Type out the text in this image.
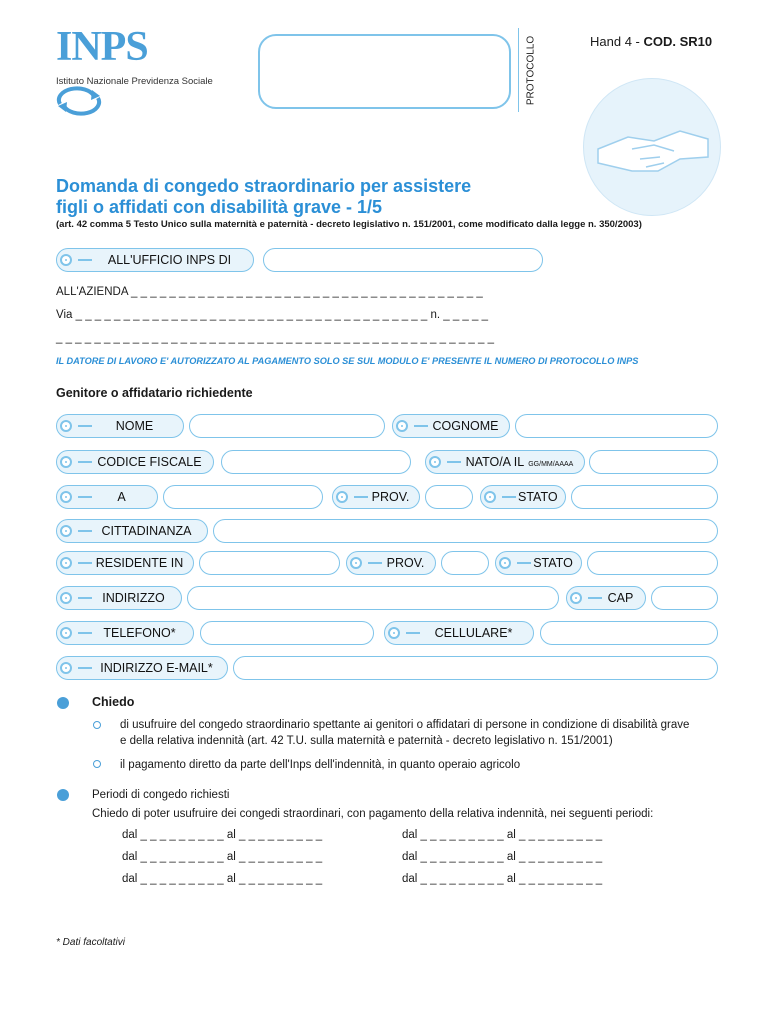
INPS
Istituto Nazionale Previdenza Sociale	PROTOCOLLO	Hand 4 - COD. SR10
Domanda di congedo straordinario per assistere
figli o affidati con disabilità grave - 1/5
(art. 42 comma 5 Testo Unico sulla maternità e paternità - decreto legislativo n. 151/2001, come modificato dalla legge n. 350/2003)
ALL'UFFICIO INPS DI
ALL'AZIENDA _ _ _ _ _ _ _ _ _ _ _ _ _ _ _ _ _ _ _ _ _ _ _ _ _ _ _ _ _ _ _ _ _ _ _ _ _
Via _ _ _ _ _ _ _ _ _ _ _ _ _ _ _ _ _ _ _ _ _ _ _ _ _ _ _ _ _ _ _ _ _ _ _ _ _ n. _ _ _ _ _
_ _ _ _ _ _ _ _ _ _ _ _ _ _ _ _ _ _ _ _ _ _ _ _ _ _ _ _ _ _ _ _ _ _ _ _ _ _ _ _ _ _ _ _ _ _
IL DATORE DI LAVORO E' AUTORIZZATO AL PAGAMENTO SOLO SE SUL MODULO E' PRESENTE IL NUMERO DI PROTOCOLLO INPS
Genitore o affidatario richiedente
NOME	COGNOME
CODICE FISCALE	NATO/A IL GG/MM/AAAA
A	PROV.	STATO
CITTADINANZA
RESIDENTE IN	PROV.	STATO
INDIRIZZO	CAP
TELEFONO*	CELLULARE*
INDIRIZZO E-MAIL*
Chiedo
di usufruire del congedo straordinario spettante ai genitori o affidatari di persone in condizione di disabilità grave
e della relativa indennità (art. 42 T.U. sulla maternità e paternità - decreto legislativo n. 151/2001)
il pagamento diretto da parte dell'Inps dell'indennità, in quanto operaio agricolo
Periodi di congedo richiesti
Chiedo di poter usufruire dei congedi straordinari, con pagamento della relativa indennità, nei seguenti periodi:
dal _ _ _ _ _ _ _ _ _ al _ _ _ _ _ _ _ _ _	dal _ _ _ _ _ _ _ _ _ al _ _ _ _ _ _ _ _ _
dal _ _ _ _ _ _ _ _ _ al _ _ _ _ _ _ _ _ _	dal _ _ _ _ _ _ _ _ _ al _ _ _ _ _ _ _ _ _
dal _ _ _ _ _ _ _ _ _ al _ _ _ _ _ _ _ _ _	dal _ _ _ _ _ _ _ _ _ al _ _ _ _ _ _ _ _ _
* Dati facoltativi
